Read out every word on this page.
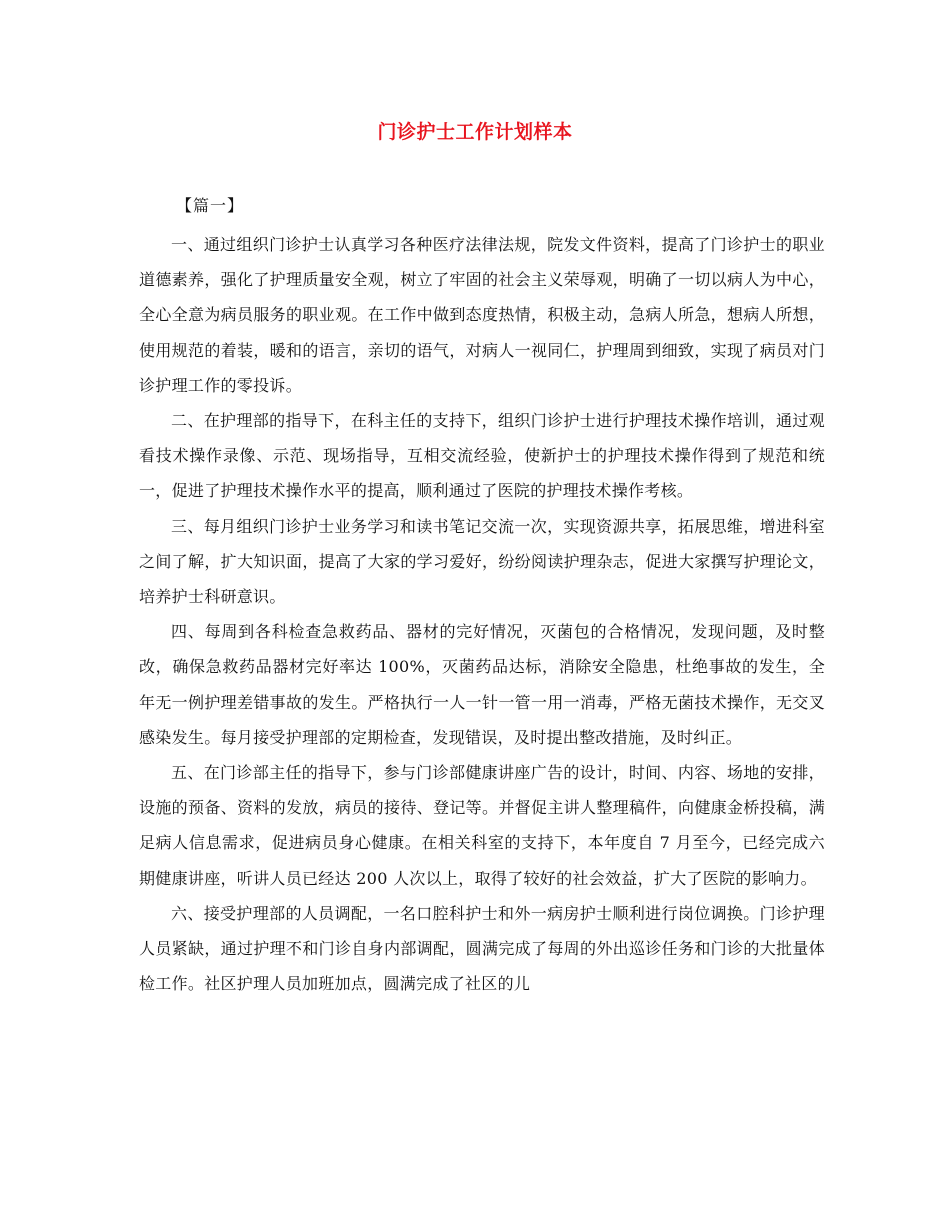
门诊护士工作计划样本
【篇一】

一、通过组织门诊护士认真学习各种医疗法律法规，院发文件资料，提高了门诊护士的职业道德素养，强化了护理质量安全观，树立了牢固的社会主义荣辱观，明确了一切以病人为中心，全心全意为病员服务的职业观。在工作中做到态度热情，积极主动，急病人所急，想病人所想，使用规范的着装，暖和的语言，亲切的语气，对病人一视同仁，护理周到细致，实现了病员对门诊护理工作的零投诉。

二、在护理部的指导下，在科主任的支持下，组织门诊护士进行护理技术操作培训，通过观看技术操作录像、示范、现场指导，互相交流经验，使新护士的护理技术操作得到了规范和统一，促进了护理技术操作水平的提高，顺利通过了医院的护理技术操作考核。

三、每月组织门诊护士业务学习和读书笔记交流一次，实现资源共享，拓展思维，增进科室之间了解，扩大知识面，提高了大家的学习爱好，纷纷阅读护理杂志，促进大家撰写护理论文，培养护士科研意识。

四、每周到各科检查急救药品、器材的完好情况，灭菌包的合格情况，发现问题，及时整改，确保急救药品器材完好率达 100%，灭菌药品达标，消除安全隐患，杜绝事故的发生，全年无一例护理差错事故的发生。严格执行一人一针一管一用一消毒，严格无菌技术操作，无交叉感染发生。每月接受护理部的定期检查，发现错误，及时提出整改措施，及时纠正。

五、在门诊部主任的指导下，参与门诊部健康讲座广告的设计，时间、内容、场地的安排，设施的预备、资料的发放，病员的接待、登记等。并督促主讲人整理稿件，向健康金桥投稿，满足病人信息需求，促进病员身心健康。在相关科室的支持下，本年度自 7 月至今，已经完成六期健康讲座，听讲人员已经达 200 人次以上，取得了较好的社会效益，扩大了医院的影响力。

六、接受护理部的人员调配，一名口腔科护士和外一病房护士顺利进行岗位调换。门诊护理人员紧缺，通过护理不和门诊自身内部调配，圆满完成了每周的外出巡诊任务和门诊的大批量体检工作。社区护理人员加班加点，圆满完成了社区的儿
